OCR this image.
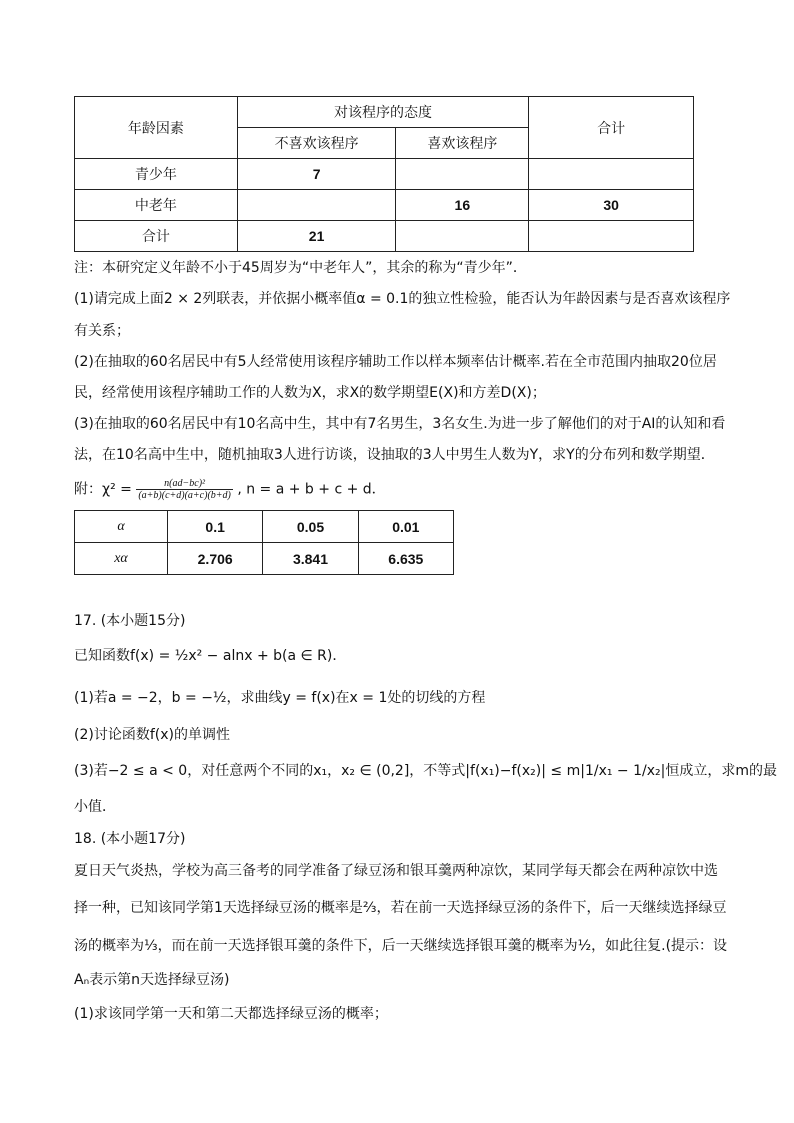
年龄因素	对该程序的态度		合计
	不喜欢该程序	喜欢该程序	
青少年	7		
中老年		16	30
合计	21		
注：本研究定义年龄不小于45周岁为“中老年人”，其余的称为“青少年”．
(1)请完成上面2 × 2列联表，并依据小概率值α = 0.1的独立性检验，能否认为年龄因素与是否喜欢该程序
有关系；
(2)在抽取的60名居民中有5人经常使用该程序辅助工作以样本频率估计概率.若在全市范围内抽取20位居
民，经常使用该程序辅助工作的人数为X，求X的数学期望E(X)和方差D(X)；
(3)在抽取的60名居民中有10名高中生，其中有7名男生，3名女生.为进一步了解他们的对于AI的认知和看
法，在10名高中生中，随机抽取3人进行访谈，设抽取的3人中男生人数为Y，求Y的分布列和数学期望．
附：$\chi^2 = \frac{\text{n(ad−bc)²}}{(a+b)(c+d)(a+c)(b+d)}$ , n = a + b + c + d．
α	0.1	0.05	0.01
xα	2.706	3.841	6.635
17. (本小题15分)
已知函数f(x) = ½x² − alnx + b(a ∈ R)．
(1)若a = −2，b = −½，求曲线y = f(x)在x = 1处的切线的方程
(2)讨论函数f(x)的单调性
(3)若−2 ≤ a < 0，对任意两个不同的x₁，x₂ ∈ (0,2]，不等式|f(x₁)−f(x₂)| ≤ m|1/x₁ − 1/x₂|恒成立，求m的最
小值．
18. (本小题17分)
夏日天气炎热，学校为高三备考的同学准备了绿豆汤和银耳羹两种凉饮，某同学每天都会在两种凉饮中选
择一种，已知该同学第1天选择绿豆汤的概率是⅔，若在前一天选择绿豆汤的条件下，后一天继续选择绿豆
汤的概率为⅓，而在前一天选择银耳羹的条件下，后一天继续选择银耳羹的概率为½，如此往复.(提示：设
Aₙ表示第n天选择绿豆汤)
(1)求该同学第一天和第二天都选择绿豆汤的概率；
